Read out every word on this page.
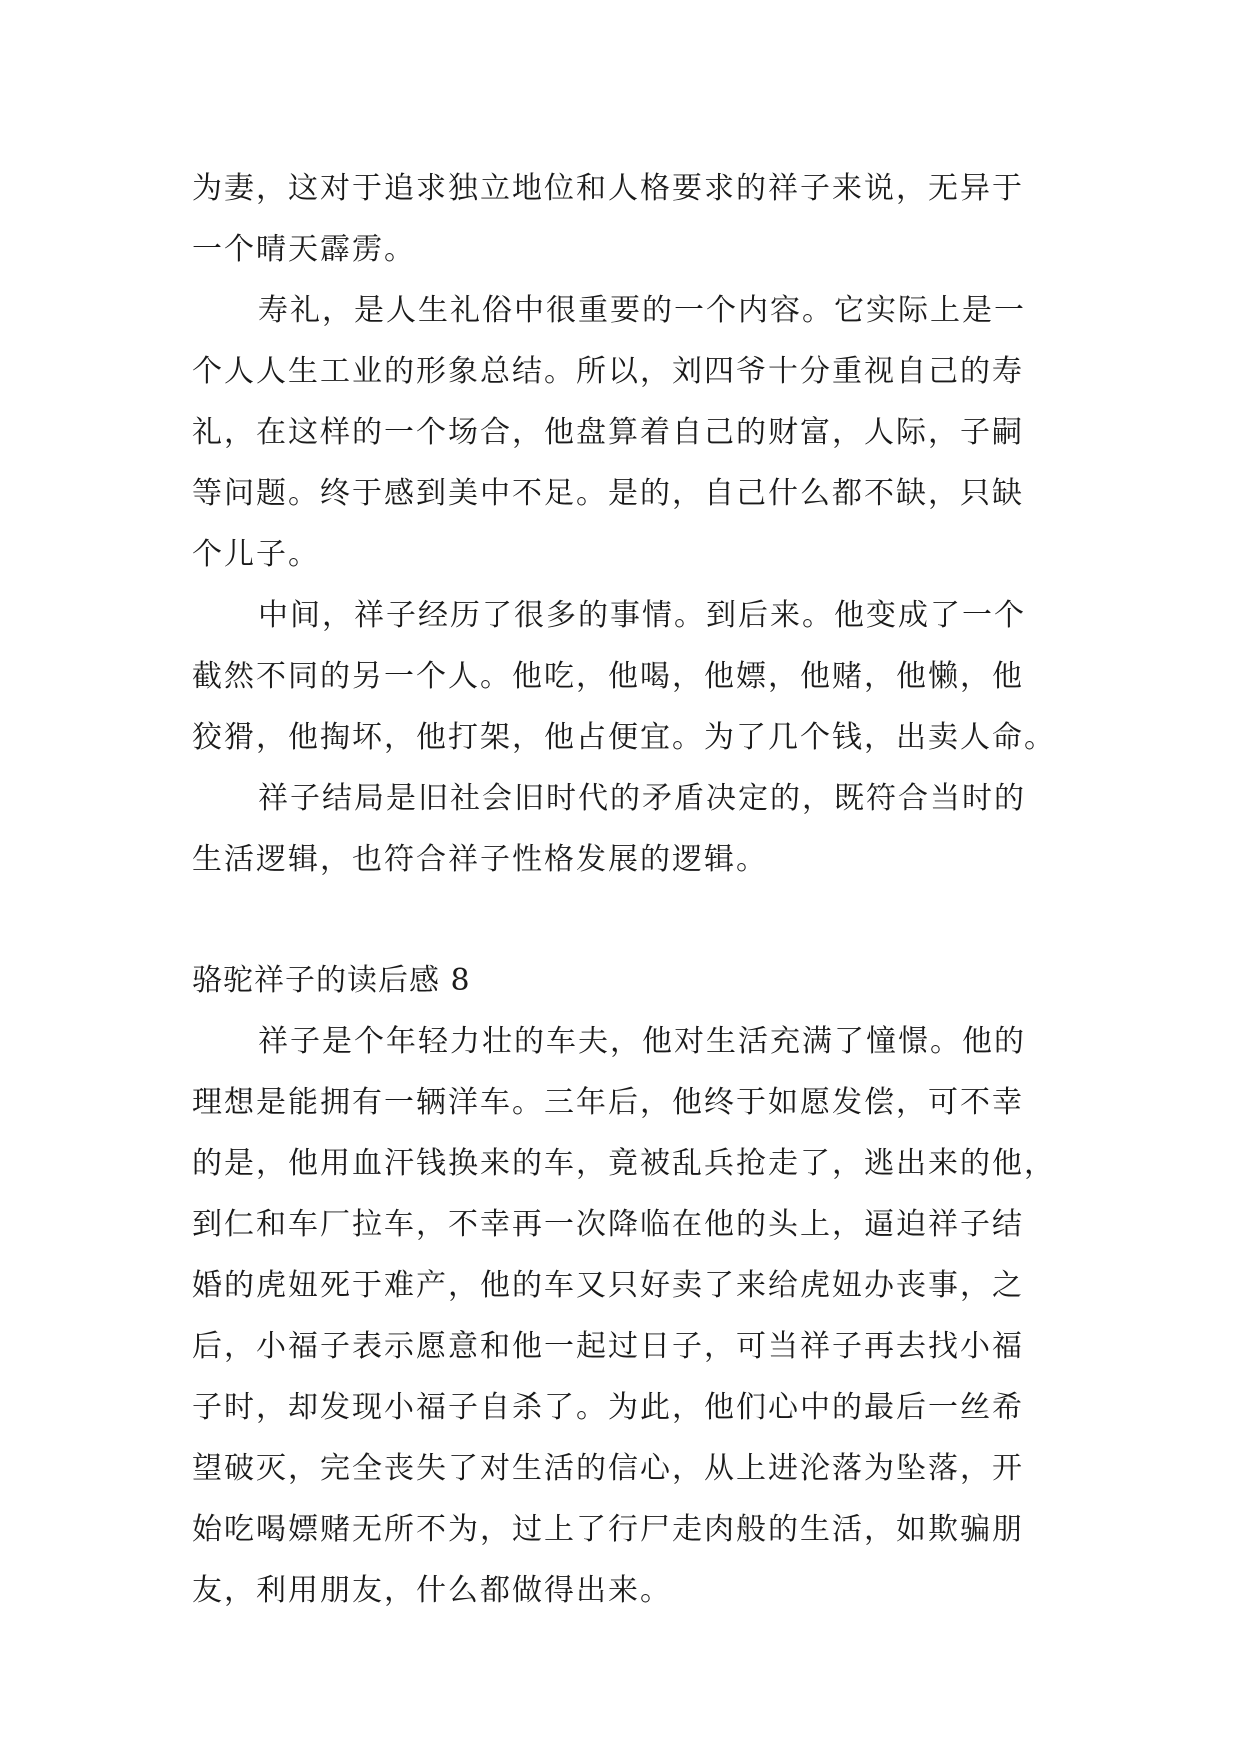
为妻，这对于追求独立地位和人格要求的祥子来说，无异于
一个晴天霹雳。
寿礼，是人生礼俗中很重要的一个内容。它实际上是一
个人人生工业的形象总结。所以，刘四爷十分重视自己的寿
礼，在这样的一个场合，他盘算着自己的财富，人际，子嗣
等问题。终于感到美中不足。是的，自己什么都不缺，只缺
个儿子。
中间，祥子经历了很多的事情。到后来。他变成了一个
截然不同的另一个人。他吃，他喝，他嫖，他赌，他懒，他
狡猾，他掏坏，他打架，他占便宜。为了几个钱，出卖人命。
祥子结局是旧社会旧时代的矛盾决定的，既符合当时的
生活逻辑，也符合祥子性格发展的逻辑。
骆驼祥子的读后感 8
祥子是个年轻力壮的车夫，他对生活充满了憧憬。他的
理想是能拥有一辆洋车。三年后，他终于如愿发偿，可不幸
的是，他用血汗钱换来的车，竟被乱兵抢走了，逃出来的他，
到仁和车厂拉车，不幸再一次降临在他的头上，逼迫祥子结
婚的虎妞死于难产，他的车又只好卖了来给虎妞办丧事，之
后，小福子表示愿意和他一起过日子，可当祥子再去找小福
子时，却发现小福子自杀了。为此，他们心中的最后一丝希
望破灭，完全丧失了对生活的信心，从上进沦落为坠落，开
始吃喝嫖赌无所不为，过上了行尸走肉般的生活，如欺骗朋
友，利用朋友，什么都做得出来。
